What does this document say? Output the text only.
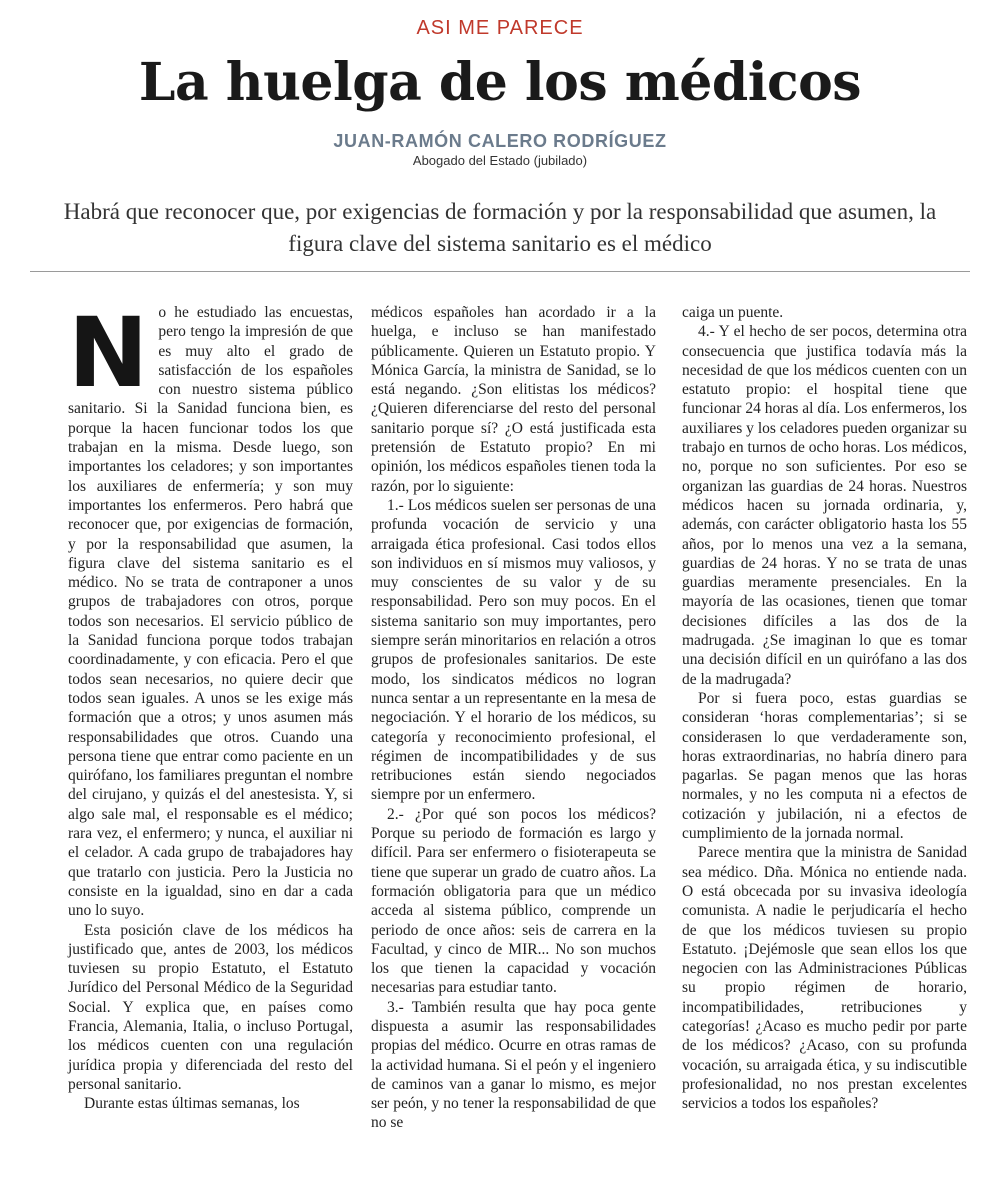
ASI ME PARECE
La huelga de los médicos
JUAN-RAMÓN CALERO RODRÍGUEZ
Abogado del Estado (jubilado)
Habrá que reconocer que, por exigencias de formación y por la responsabilidad que asumen, la figura clave del sistema sanitario es el médico
N o he estudiado las encuestas, pero tengo la impresión de que es muy alto el grado de satisfacción de los españoles con nuestro sistema público sanitario. Si la Sanidad funciona bien, es porque la hacen funcionar todos los que trabajan en la misma. Desde luego, son importantes los celadores; y son importantes los auxiliares de enfermería; y son muy importantes los enfermeros. Pero habrá que reconocer que, por exigencias de formación, y por la responsabilidad que asumen, la figura clave del sistema sanitario es el médico. No se trata de contraponer a unos grupos de trabajadores con otros, porque todos son necesarios. El servicio público de la Sanidad funciona porque todos trabajan coordinadamente, y con eficacia. Pero el que todos sean necesarios, no quiere decir que todos sean iguales. A unos se les exige más formación que a otros; y unos asumen más responsabilidades que otros. Cuando una persona tiene que entrar como paciente en un quirófano, los familiares preguntan el nombre del cirujano, y quizás el del anestesista. Y, si algo sale mal, el responsable es el médico; rara vez, el enfermero; y nunca, el auxiliar ni el celador. A cada grupo de trabajadores hay que tratarlo con justicia. Pero la Justicia no consiste en la igualdad, sino en dar a cada uno lo suyo.

Esta posición clave de los médicos ha justificado que, antes de 2003, los médicos tuviesen su propio Estatuto, el Estatuto Jurídico del Personal Médico de la Seguridad Social. Y explica que, en países como Francia, Alemania, Italia, o incluso Portugal, los médicos cuenten con una regulación jurídica propia y diferenciada del resto del personal sanitario.

Durante estas últimas semanas, los

médicos españoles han acordado ir a la huelga, e incluso se han manifestado públicamente. Quieren un Estatuto propio. Y Mónica García, la ministra de Sanidad, se lo está negando. ¿Son elitistas los médicos? ¿Quieren diferenciarse del resto del personal sanitario porque sí? ¿O está justificada esta pretensión de Estatuto propio? En mi opinión, los médicos españoles tienen toda la razón, por lo siguiente:

1.- Los médicos suelen ser personas de una profunda vocación de servicio y una arraigada ética profesional. Casi todos ellos son individuos en sí mismos muy valiosos, y muy conscientes de su valor y de su responsabilidad. Pero son muy pocos. En el sistema sanitario son muy importantes, pero siempre serán minoritarios en relación a otros grupos de profesionales sanitarios. De este modo, los sindicatos médicos no logran nunca sentar a un representante en la mesa de negociación. Y el horario de los médicos, su categoría y reconocimiento profesional, el régimen de incompatibilidades y de sus retribuciones están siendo negociados siempre por un enfermero.

2.- ¿Por qué son pocos los médicos? Porque su periodo de formación es largo y difícil. Para ser enfermero o fisioterapeuta se tiene que superar un grado de cuatro años. La formación obligatoria para que un médico acceda al sistema público, comprende un periodo de once años: seis de carrera en la Facultad, y cinco de MIR... No son muchos los que tienen la capacidad y vocación necesarias para estudiar tanto.

3.- También resulta que hay poca gente dispuesta a asumir las responsabilidades propias del médico. Ocurre en otras ramas de la actividad humana. Si el peón y el ingeniero de caminos van a ganar lo mismo, es mejor ser peón, y no tener la responsabilidad de que no se

caiga un puente.

4.- Y el hecho de ser pocos, determina otra consecuencia que justifica todavía más la necesidad de que los médicos cuenten con un estatuto propio: el hospital tiene que funcionar 24 horas al día. Los enfermeros, los auxiliares y los celadores pueden organizar su trabajo en turnos de ocho horas. Los médicos, no, porque no son suficientes. Por eso se organizan las guardias de 24 horas. Nuestros médicos hacen su jornada ordinaria, y, además, con carácter obligatorio hasta los 55 años, por lo menos una vez a la semana, guardias de 24 horas. Y no se trata de unas guardias meramente presenciales. En la mayoría de las ocasiones, tienen que tomar decisiones difíciles a las dos de la madrugada. ¿Se imaginan lo que es tomar una decisión difícil en un quirófano a las dos de la madrugada?

Por si fuera poco, estas guardias se consideran ‘horas complementarias’; si se considerasen lo que verdaderamente son, horas extraordinarias, no habría dinero para pagarlas. Se pagan menos que las horas normales, y no les computa ni a efectos de cotización y jubilación, ni a efectos de cumplimiento de la jornada normal.

Parece mentira que la ministra de Sanidad sea médico. Dña. Mónica no entiende nada. O está obcecada por su invasiva ideología comunista. A nadie le perjudicaría el hecho de que los médicos tuviesen su propio Estatuto. ¡Dejémosle que sean ellos los que negocien con las Administraciones Públicas su propio régimen de horario, incompatibilidades, retribuciones y categorías! ¿Acaso es mucho pedir por parte de los médicos? ¿Acaso, con su profunda vocación, su arraigada ética, y su indiscutible profesionalidad, no nos prestan excelentes servicios a todos los españoles?
